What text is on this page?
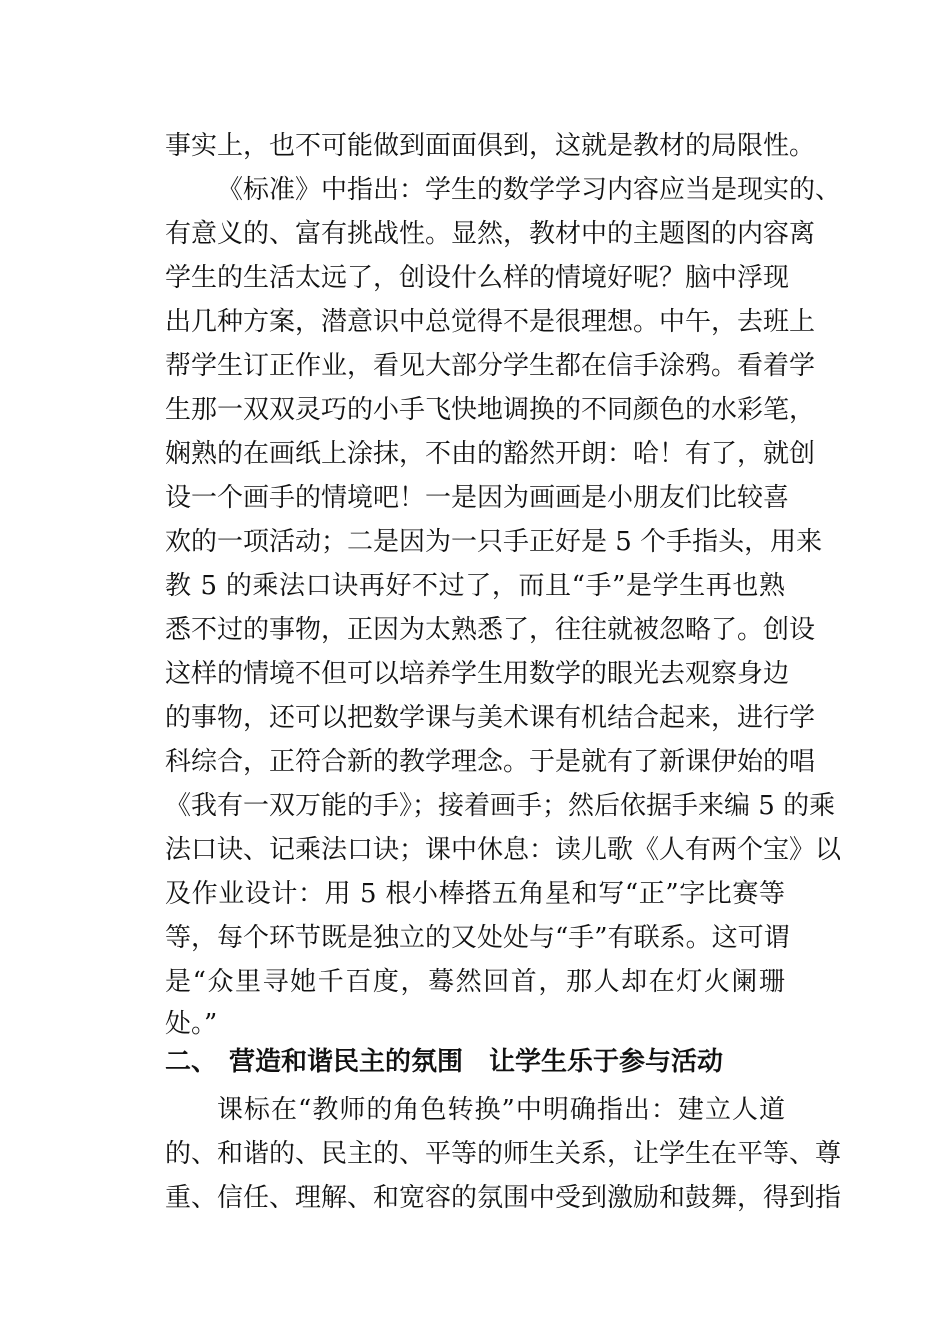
事实上，也不可能做到面面俱到，这就是教材的局限性。
《标准》中指出：学生的数学学习内容应当是现实的、
有意义的、富有挑战性。显然，教材中的主题图的内容离
学生的生活太远了，创设什么样的情境好呢？脑中浮现
出几种方案，潜意识中总觉得不是很理想。中午，去班上
帮学生订正作业，看见大部分学生都在信手涂鸦。看着学
生那一双双灵巧的小手飞快地调换的不同颜色的水彩笔，
娴熟的在画纸上涂抹，不由的豁然开朗：哈！有了，就创
设一个画手的情境吧！一是因为画画是小朋友们比较喜
欢的一项活动；二是因为一只手正好是 5 个手指头，用来
教 5 的乘法口诀再好不过了，而且“手”是学生再也熟
悉不过的事物，正因为太熟悉了，往往就被忽略了。创设
这样的情境不但可以培养学生用数学的眼光去观察身边
的事物，还可以把数学课与美术课有机结合起来，进行学
科综合，正符合新的教学理念。于是就有了新课伊始的唱
《我有一双万能的手》；接着画手；然后依据手来编 5 的乘
法口诀、记乘法口诀；课中休息：读儿歌《人有两个宝》以
及作业设计：用 5 根小棒搭五角星和写“正”字比赛等
等，每个环节既是独立的又处处与“手”有联系。这可谓
是“众里寻她千百度，蓦然回首，那人却在灯火阑珊
处。”
二、 营造和谐民主的氛围　让学生乐于参与活动
课标在“教师的角色转换”中明确指出：建立人道
的、和谐的、民主的、平等的师生关系，让学生在平等、尊
重、信任、理解、和宽容的氛围中受到激励和鼓舞，得到指
